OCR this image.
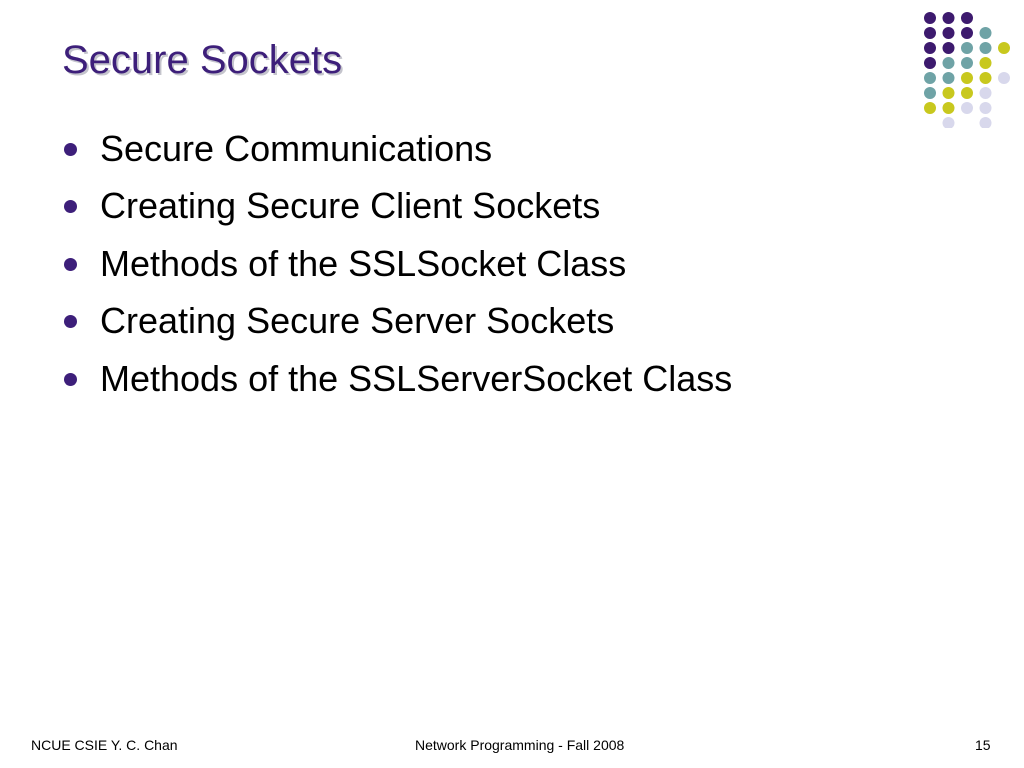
Secure Sockets
Secure Communications
Creating Secure Client Sockets
Methods of the SSLSocket Class
Creating Secure Server Sockets
Methods of the SSLServerSocket Class
NCUE CSIE Y. C. Chan	Network Programming - Fall 2008	15
